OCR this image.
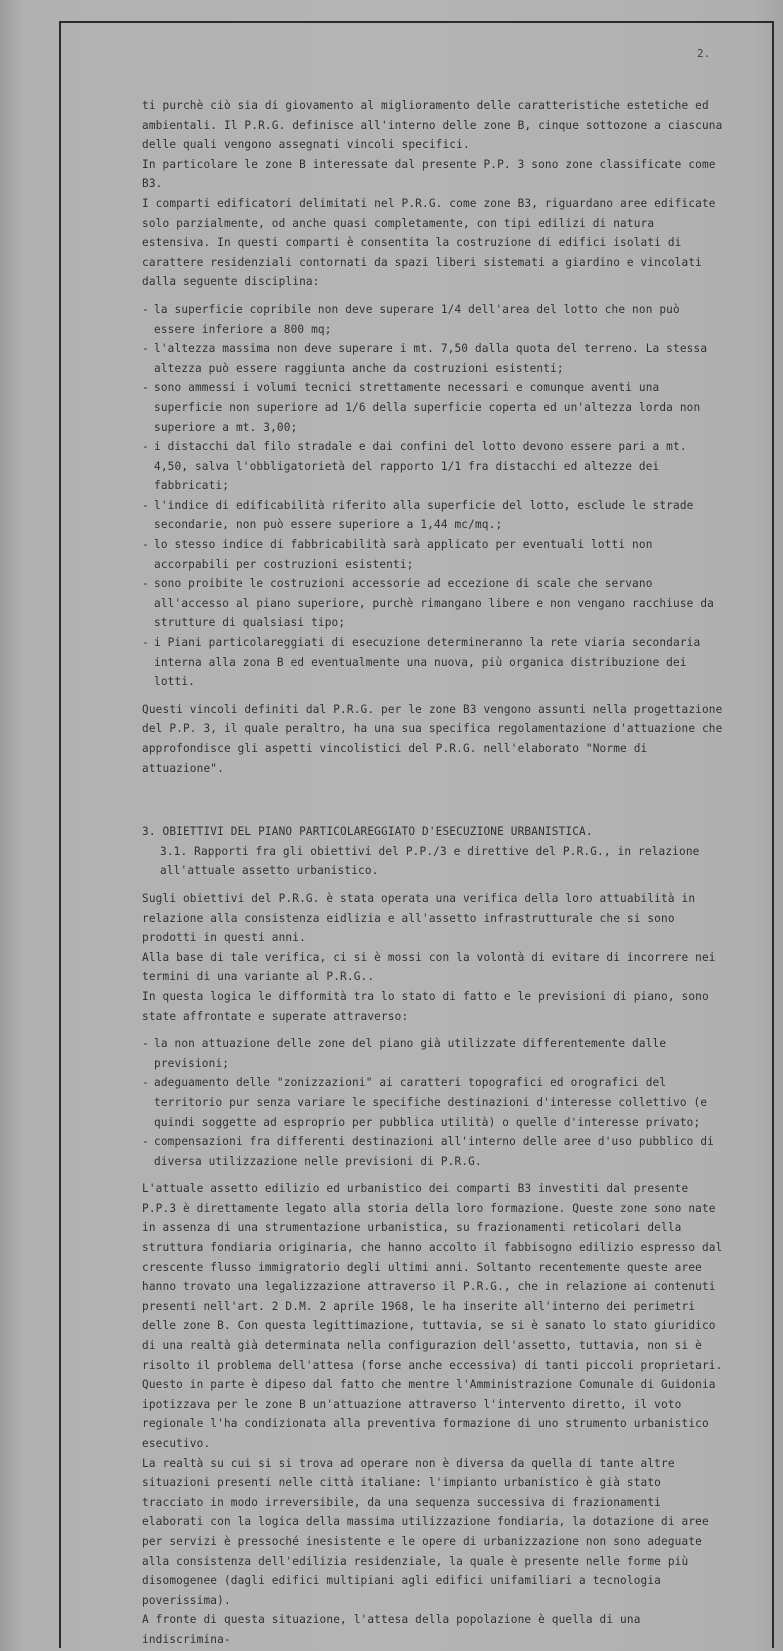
2.

ti purchè ciò sia di giovamento al miglioramento delle caratteristiche estetiche ed ambientali. Il P.R.G. definisce all'interno delle zone B, cinque sottozone a ciascuna delle quali vengono assegnati vincoli specifici.

In particolare le zone B interessate dal presente P.P. 3 sono zone classificate come B3.

I comparti edificatori delimitati nel P.R.G. come zone B3, riguardano aree edificate solo parzialmente, od anche quasi completamente, con tipi edilizi di natura estensiva. In questi comparti è consentita la costruzione di edifici isolati di carattere residenziali contornati da spazi liberi sistemati a giardino e vincolati dalla seguente disciplina:

- la superficie copribile non deve superare 1/4 dell'area del lotto che non può essere inferiore a 800 mq;

- l'altezza massima non deve superare i mt. 7,50 dalla quota del terreno. La stessa altezza può essere raggiunta anche da costruzioni esistenti;

- sono ammessi i volumi tecnici strettamente necessari e comunque aventi una superficie non superiore ad 1/6 della superficie coperta ed un'altezza lorda non superiore a mt. 3,00;

- i distacchi dal filo stradale e dai confini del lotto devono essere pari a mt. 4,50, salva l'obbligatorietà del rapporto 1/1 fra distacchi ed altezze dei fabbricati;

- l'indice di edificabilità riferito alla superficie del lotto, esclude le strade secondarie, non può essere superiore a 1,44 mc/mq.;

- lo stesso indice di fabbricabilità sarà applicato per eventuali lotti non accorpabili per costruzioni esistenti;

- sono proibite le costruzioni accessorie ad eccezione di scale che servano all'accesso al piano superiore, purchè rimangano libere e non vengano racchiuse da strutture di qualsiasi tipo;

- i Piani particolareggiati di esecuzione determineranno la rete viaria secondaria interna alla zona B ed eventualmente una nuova, più organica distribuzione dei lotti.

Questi vincoli definiti dal P.R.G. per le zone B3 vengono assunti nella progettazione del P.P. 3, il quale peraltro, ha una sua specifica regolamentazione d'attuazione che approfondisce gli aspetti vincolistici del P.R.G. nell'elaborato "Norme di attuazione".

3. OBIETTIVI DEL PIANO PARTICOLAREGGIATO D'ESECUZIONE URBANISTICA.

3.1. Rapporti fra gli obiettivi del P.P./3 e direttive del P.R.G., in relazione all'attuale assetto urbanistico.

Sugli obiettivi del P.R.G. è stata operata una verifica della loro attuabilità in relazione alla consistenza eidlizia e all'assetto infrastrutturale che si sono prodotti in questi anni.

Alla base di tale verifica, ci si è mossi con la volontà di evitare di incorrere nei termini di una variante al P.R.G..

In questa logica le difformità tra lo stato di fatto e le previsioni di piano, sono state affrontate e superate attraverso:

- la non attuazione delle zone del piano già utilizzate differentemente dalle previsioni;

- adeguamento delle "zonizzazioni" ai caratteri topografici ed orografici del territorio pur senza variare le specifiche destinazioni d'interesse collettivo (e quindi soggette ad esproprio per pubblica utilità) o quelle d'interesse privato;

- compensazioni fra differenti destinazioni all'interno delle aree d'uso pubblico di diversa utilizzazione nelle previsioni di P.R.G.

L'attuale assetto edilizio ed urbanistico dei comparti B3 investiti dal presente P.P.3 è direttamente legato alla storia della loro formazione. Queste zone sono nate in assenza di una strumentazione urbanistica, su frazionamenti reticolari della struttura fondiaria originaria, che hanno accolto il fabbisogno edilizio espresso dal crescente flusso immigratorio degli ultimi anni. Soltanto recentemente queste aree hanno trovato una legalizzazione attraverso il P.R.G., che in relazione ai contenuti presenti nell'art. 2 D.M. 2 aprile 1968, le ha inserite all'interno dei perimetri delle zone B. Con questa legittimazione, tuttavia, se si è sanato lo stato giuridico di una realtà già determinata nella configurazion dell'assetto, tuttavia, non si è risolto il problema dell'attesa (forse anche eccessiva) di tanti piccoli proprietari. Questo in parte è dipeso dal fatto che mentre l'Amministrazione Comunale di Guidonia ipotizzava per le zone B un'attuazione attraverso l'intervento diretto, il voto regionale l'ha condizionata alla preventiva formazione di uno strumento urbanistico esecutivo.

La realtà su cui si si trova ad operare non è diversa da quella di tante altre situazioni presenti nelle città italiane: l'impianto urbanistico è già stato tracciato in modo irreversibile, da una sequenza successiva di frazionamenti elaborati con la logica della massima utilizzazione fondiaria, la dotazione di aree per servizi è pressoché inesistente e le opere di urbanizzazione non sono adeguate alla consistenza dell'edilizia residenziale, la quale è presente nelle forme più disomogenee (dagli edifici multipiani agli edifici unifamiliari a tecnologia poverissima).

A fronte di questa situazione, l'attesa della popolazione è quella di una indiscrimina-
